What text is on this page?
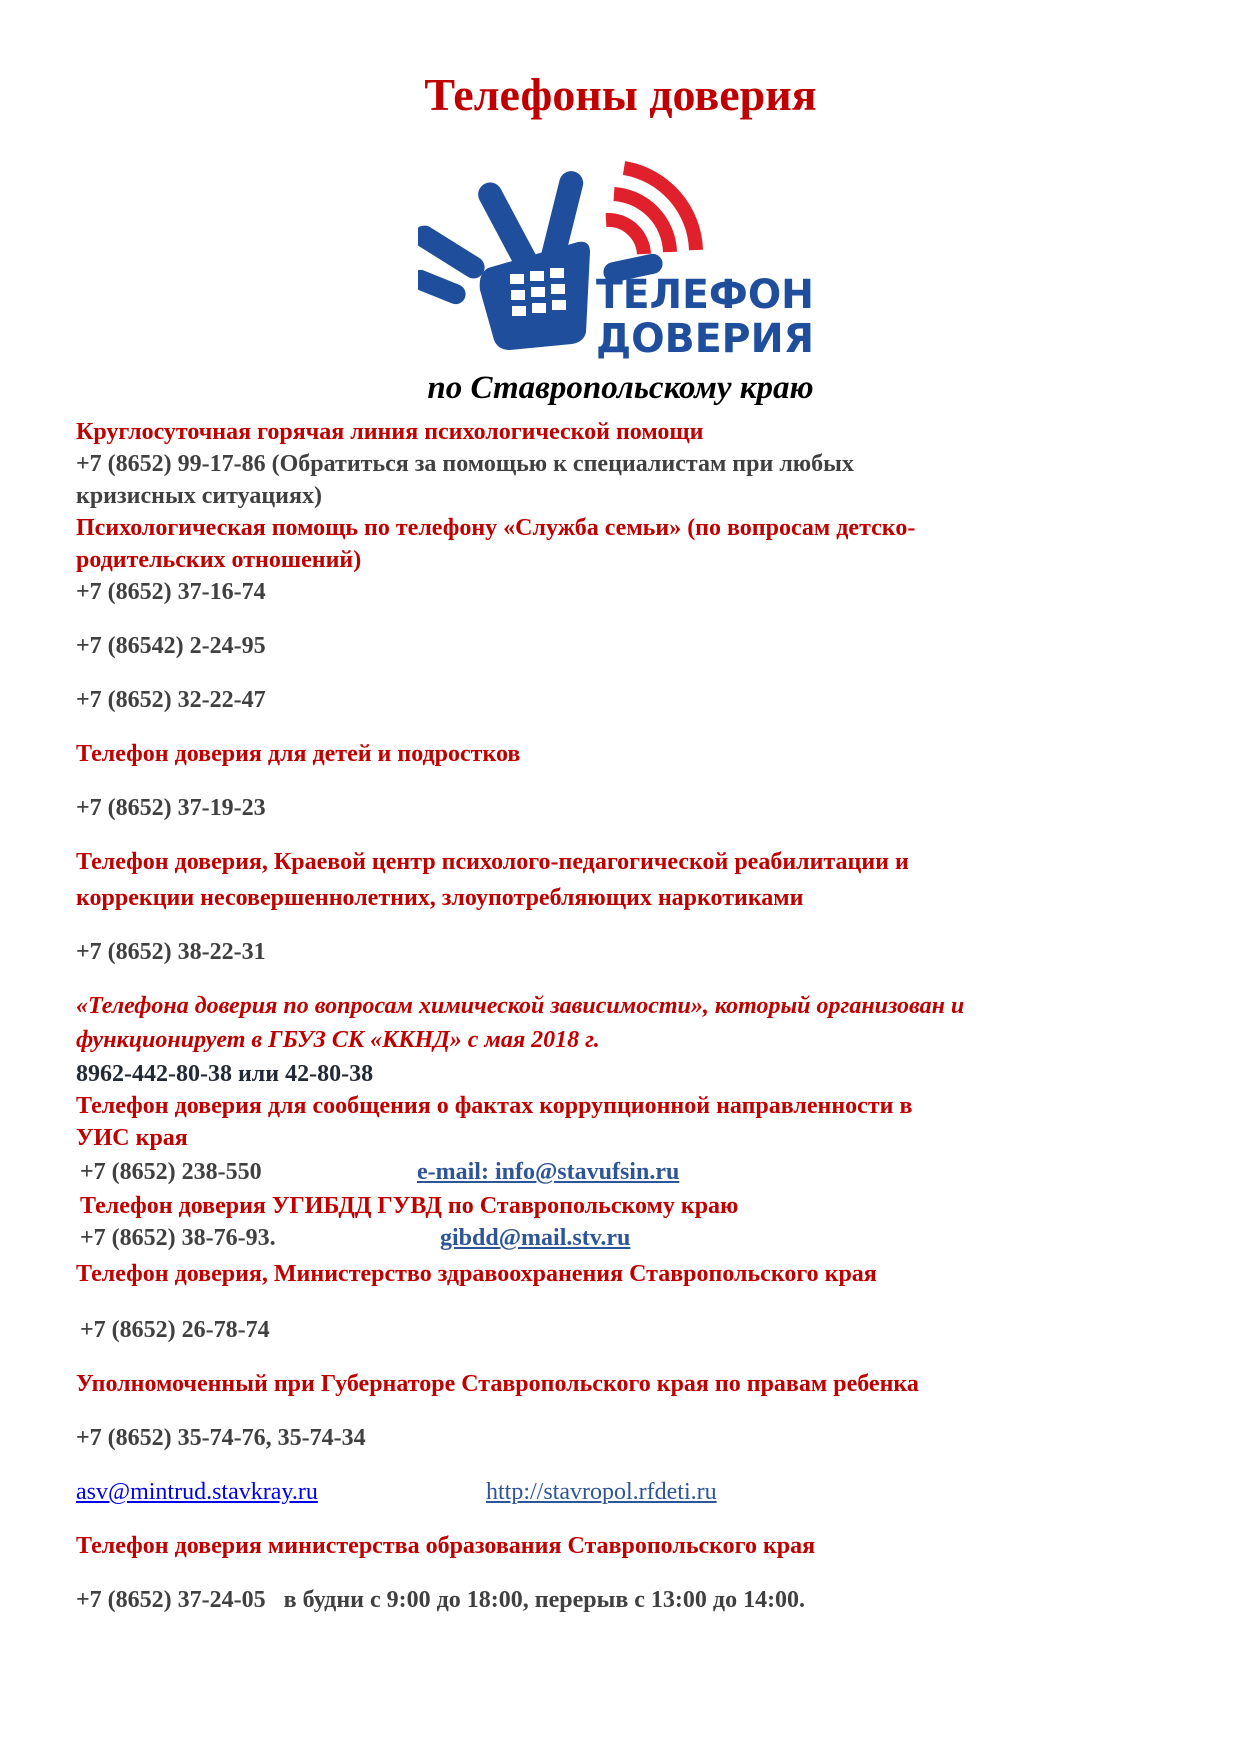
Телефоны доверия
ТЕЛЕФОН
ДОВЕРИЯ
по Ставропольскому краю
Круглосуточная горячая линия психологической помощи
+7 (8652) 99-17-86 (Обратиться за помощью к специалистам при любых
кризисных ситуациях)
Психологическая помощь по телефону «Служба семьи» (по вопросам детско-
родительских отношений)
+7 (8652) 37-16-74
+7 (86542) 2-24-95
+7 (8652) 32-22-47
Телефон доверия для детей и подростков
+7 (8652) 37-19-23
Телефон доверия, Краевой центр психолого-педагогической реабилитации и
коррекции несовершеннолетних, злоупотребляющих наркотиками
+7 (8652) 38-22-31
«Телефона доверия по вопросам химической зависимости», который организован и
функционирует в ГБУЗ СК «ККНД» с мая 2018 г.
8962-442-80-38 или 42-80-38
Телефон доверия для сообщения о фактах коррупционной направленности в
УИС края
+7 (8652) 238-550	e-mail: info@stavufsin.ru
Телефон доверия УГИБДД ГУВД по Ставропольскому краю
+7 (8652) 38-76-93.	gibdd@mail.stv.ru
Телефон доверия, Министерство здравоохранения Ставропольского края
+7 (8652) 26-78-74
Уполномоченный при Губернаторе Ставропольского края по правам ребенка
+7 (8652) 35-74-76, 35-74-34
asv@mintrud.stavkray.ru	http://stavropol.rfdeti.ru
Телефон доверия министерства образования Ставропольского края
+7 (8652) 37-24-05   в будни с 9:00 до 18:00, перерыв с 13:00 до 14:00.
